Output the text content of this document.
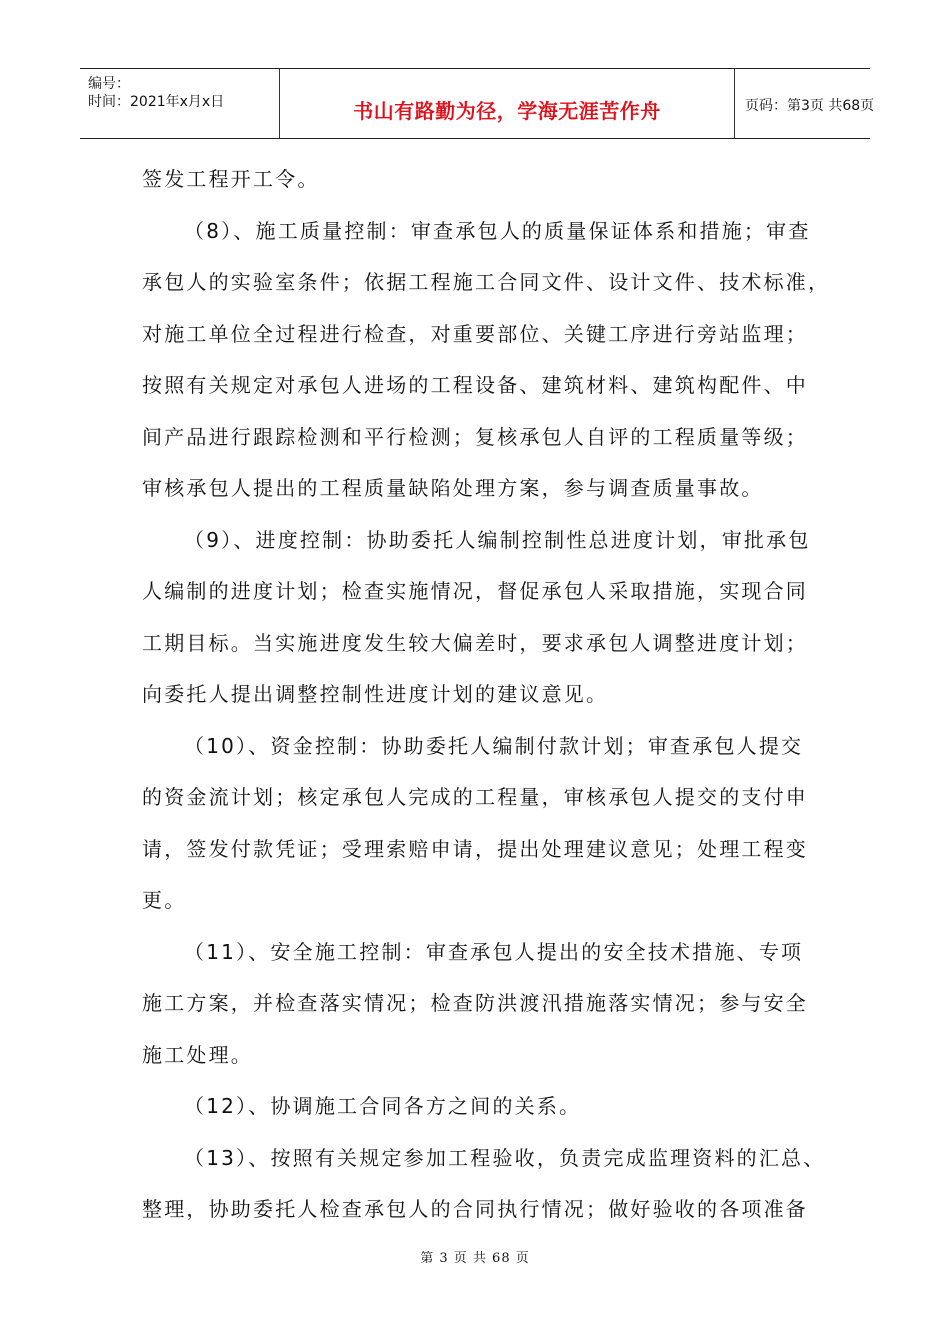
编号：
时间：2021年x月x日	书山有路勤为径，学海无涯苦作舟	页码：第3页 共68页
签发工程开工令。
（8）、施工质量控制：审查承包人的质量保证体系和措施；审查
承包人的实验室条件；依据工程施工合同文件、设计文件、技术标准，
对施工单位全过程进行检查，对重要部位、关键工序进行旁站监理；
按照有关规定对承包人进场的工程设备、建筑材料、建筑构配件、中
间产品进行跟踪检测和平行检测；复核承包人自评的工程质量等级；
审核承包人提出的工程质量缺陷处理方案，参与调查质量事故。
（9）、进度控制：协助委托人编制控制性总进度计划，审批承包
人编制的进度计划；检查实施情况，督促承包人采取措施，实现合同
工期目标。当实施进度发生较大偏差时，要求承包人调整进度计划；
向委托人提出调整控制性进度计划的建议意见。
（10）、资金控制：协助委托人编制付款计划；审查承包人提交
的资金流计划；核定承包人完成的工程量，审核承包人提交的支付申
请，签发付款凭证；受理索赔申请，提出处理建议意见；处理工程变
更。
（11）、安全施工控制：审查承包人提出的安全技术措施、专项
施工方案，并检查落实情况；检查防洪渡汛措施落实情况；参与安全
施工处理。
（12）、协调施工合同各方之间的关系。
（13）、按照有关规定参加工程验收，负责完成监理资料的汇总、
整理，协助委托人检查承包人的合同执行情况；做好验收的各项准备
第 3 页 共 68 页
